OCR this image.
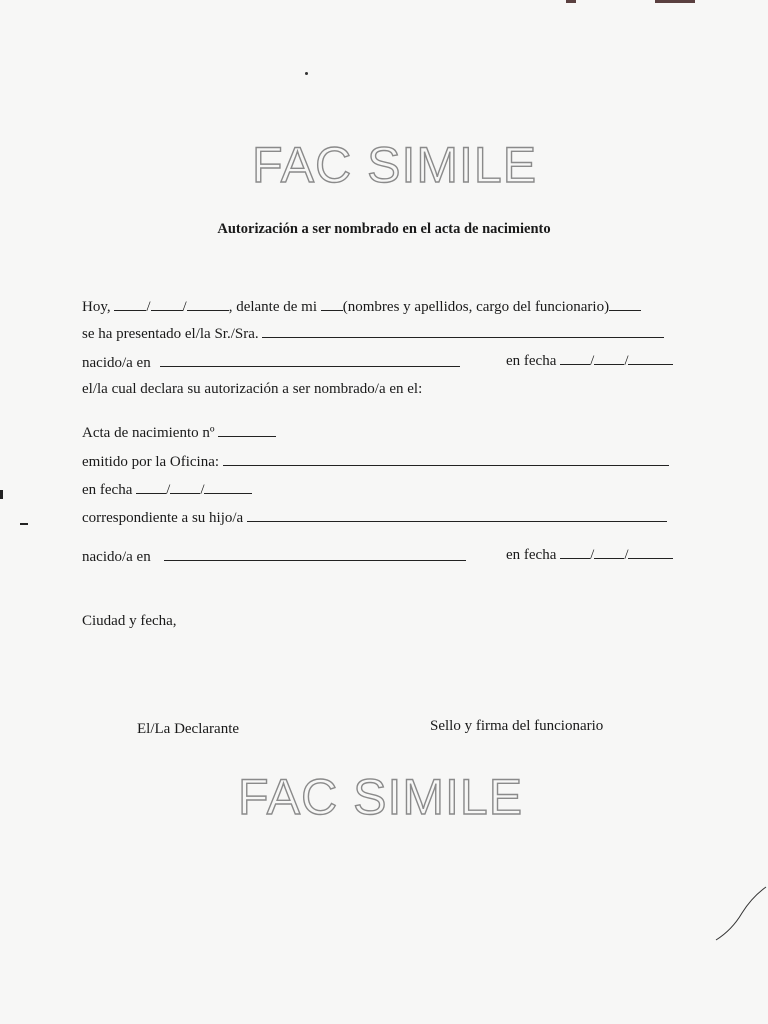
FAC SIMILE
Autorización a ser nombrado en el acta de nacimiento
Hoy, / /	, delante de mi (nombres y apellidos, cargo del funcionario)
se ha presentado el/la Sr./Sra.
nacido/a en	en fecha / /
el/la cual declara su autorización a ser nombrado/a en el:
Acta de nacimiento nº
emitido por la Oficina:
en fecha / /
correspondiente a su hijo/a
nacido/a en	en fecha / /
Ciudad y fecha,
El/La Declarante	Sello y firma del funcionario
FAC SIMILE
